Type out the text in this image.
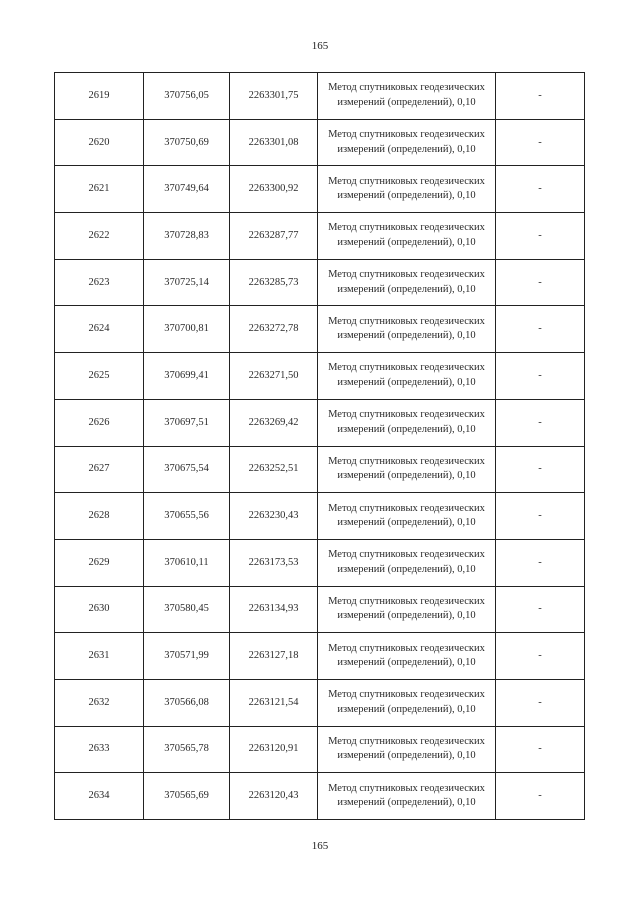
165
2619	370756,05	2263301,75	Метод спутниковых геодезических измерений (определений), 0,10	-
2620	370750,69	2263301,08	Метод спутниковых геодезических измерений (определений), 0,10	-
2621	370749,64	2263300,92	Метод спутниковых геодезических измерений (определений), 0,10	-
2622	370728,83	2263287,77	Метод спутниковых геодезических измерений (определений), 0,10	-
2623	370725,14	2263285,73	Метод спутниковых геодезических измерений (определений), 0,10	-
2624	370700,81	2263272,78	Метод спутниковых геодезических измерений (определений), 0,10	-
2625	370699,41	2263271,50	Метод спутниковых геодезических измерений (определений), 0,10	-
2626	370697,51	2263269,42	Метод спутниковых геодезических измерений (определений), 0,10	-
2627	370675,54	2263252,51	Метод спутниковых геодезических измерений (определений), 0,10	-
2628	370655,56	2263230,43	Метод спутниковых геодезических измерений (определений), 0,10	-
2629	370610,11	2263173,53	Метод спутниковых геодезических измерений (определений), 0,10	-
2630	370580,45	2263134,93	Метод спутниковых геодезических измерений (определений), 0,10	-
2631	370571,99	2263127,18	Метод спутниковых геодезических измерений (определений), 0,10	-
2632	370566,08	2263121,54	Метод спутниковых геодезических измерений (определений), 0,10	-
2633	370565,78	2263120,91	Метод спутниковых геодезических измерений (определений), 0,10	-
2634	370565,69	2263120,43	Метод спутниковых геодезических измерений (определений), 0,10	-
165
